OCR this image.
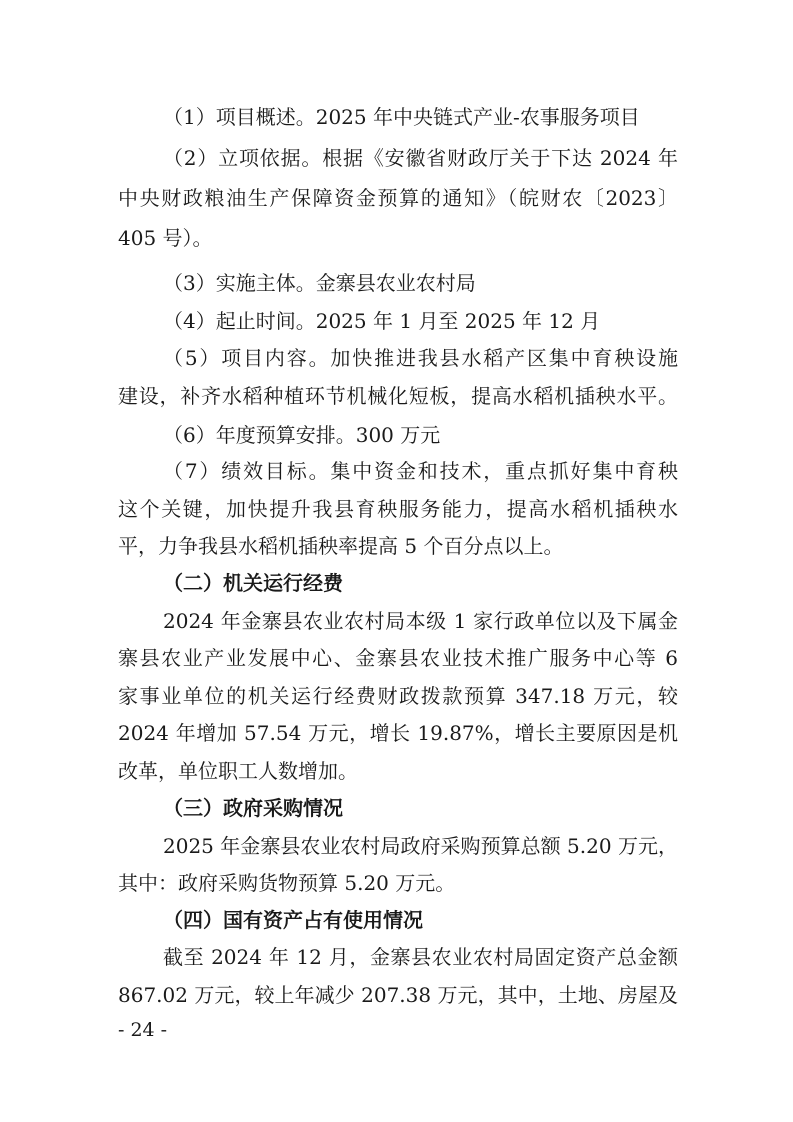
（1）项目概述。2025 年中央链式产业-农事服务项目
（2）立项依据。根据《安徽省财政厅关于下达 2024 年
中央财政粮油生产保障资金预算的通知》（皖财农〔2023〕
405 号）。
（3）实施主体。金寨县农业农村局
（4）起止时间。2025 年 1 月至 2025 年 12 月
（5）项目内容。加快推进我县水稻产区集中育秧设施
建设，补齐水稻种植环节机械化短板，提高水稻机插秧水平。
（6）年度预算安排。300 万元
（7）绩效目标。集中资金和技术，重点抓好集中育秧
这个关键，加快提升我县育秧服务能力，提高水稻机插秧水
平，力争我县水稻机插秧率提高 5 个百分点以上。
（二）机关运行经费
2024 年金寨县农业农村局本级 1 家行政单位以及下属金
寨县农业产业发展中心、金寨县农业技术推广服务中心等 6
家事业单位的机关运行经费财政拨款预算 347.18 万元，较
2024 年增加 57.54 万元，增长 19.87%，增长主要原因是机
改革，单位职工人数增加。
（三）政府采购情况
2025 年金寨县农业农村局政府采购预算总额 5.20 万元，
其中：政府采购货物预算 5.20 万元。
（四）国有资产占有使用情况
截至 2024 年 12 月，金寨县农业农村局固定资产总金额
867.02 万元，较上年减少 207.38 万元，其中，土地、房屋及
- 24 -
